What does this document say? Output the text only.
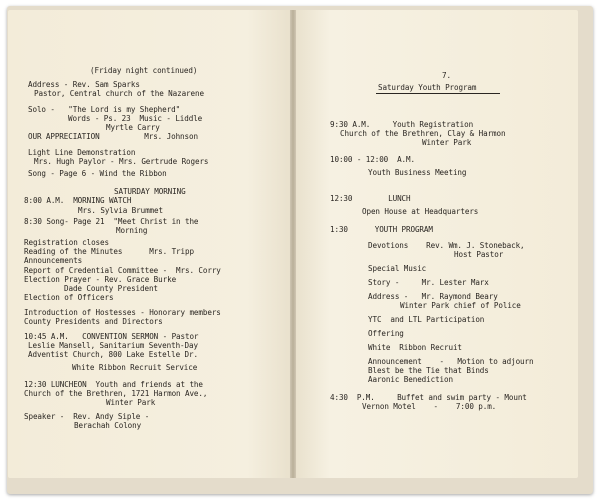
(Friday night continued)
Address - Rev. Sam Sparks
Pastor, Central church of the Nazarene
Solo -   "The Lord is my Shepherd"
Words - Ps. 23  Music - Liddle
Myrtle Carry
OUR APPRECIATION          Mrs. Johnson
Light Line Demonstration
Mrs. Hugh Paylor - Mrs. Gertrude Rogers
Song - Page 6 - Wind the Ribbon
SATURDAY MORNING
8:00 A.M.  MORNING WATCH
Mrs. Sylvia Brummet
8:30 Song- Page 21  "Meet Christ in the
Morning
Registration closes
Reading of the Minutes      Mrs. Tripp
Announcements
Report of Credential Committee -  Mrs. Corry
Election Prayer - Rev. Grace Burke
Dade County President
Election of Officers
Introduction of Hostesses - Honorary members
County Presidents and Directors
10:45 A.M.   CONVENTION SERMON - Pastor
Leslie Mansell, Sanitarium Seventh-Day
Adventist Church, 800 Lake Estelle Dr.
White Ribbon Recruit Service
12:30 LUNCHEON  Youth and friends at the
Church of the Brethren, 1721 Harmon Ave.,
Winter Park
Speaker -  Rev. Andy Siple -
Berachah Colony
7.
Saturday Youth Program
9:30 A.M.     Youth Registration
Church of the Brethren, Clay & Harmon
Winter Park
10:00 - 12:00  A.M.
Youth Business Meeting
12:30        LUNCH
Open House at Headquarters
1:30      YOUTH PROGRAM
Devotions    Rev. Wm. J. Stoneback,
Host Pastor
Special Music
Story -     Mr. Lester Marx
Address -   Mr. Raymond Beary
Winter Park chief of Police
YTC  and LTL Participation
Offering
White  Ribbon Recruit
Announcement    -   Motion to adjourn
Blest be the Tie that Binds
Aaronic Benediction
4:30  P.M.     Buffet and swim party - Mount
Vernon Motel    -    7:00 p.m.
